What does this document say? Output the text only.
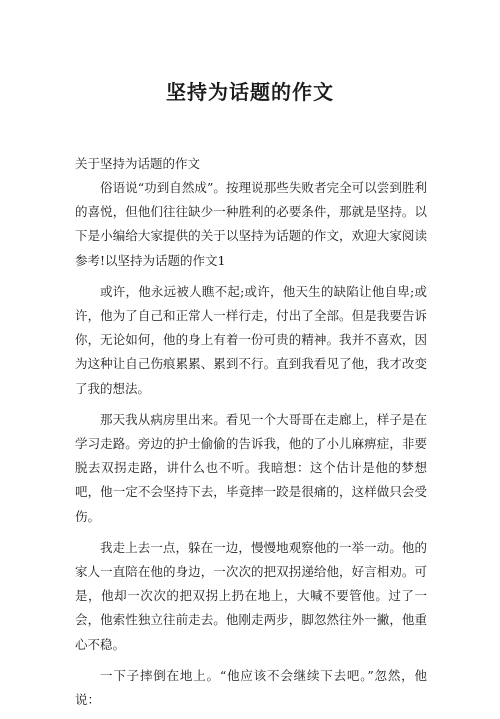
坚持为话题的作文

关于坚持为话题的作文

俗语说“功到自然成”。按理说那些失败者完全可以尝到胜利的喜悦，但他们往往缺少一种胜利的必要条件，那就是坚持。以下是小编给大家提供的关于以坚持为话题的作文，欢迎大家阅读参考!以坚持为话题的作文1

或许，他永远被人瞧不起;或许，他天生的缺陷让他自卑;或许，他为了自己和正常人一样行走，付出了全部。但是我要告诉你，无论如何，他的身上有着一份可贵的精神。我并不喜欢，因为这种让自己伤痕累累、累到不行。直到我看见了他，我才改变了我的想法。

那天我从病房里出来。看见一个大哥哥在走廊上，样子是在学习走路。旁边的护士偷偷的告诉我，他的了小儿麻痹症，非要脱去双拐走路，讲什么也不听。我暗想：这个估计是他的梦想吧，他一定不会坚持下去，毕竟摔一跤是很痛的，这样做只会受伤。

我走上去一点，躲在一边，慢慢地观察他的一举一动。他的家人一直陪在他的身边，一次次的把双拐递给他，好言相劝。可是，他却一次次的把双拐上扔在地上，大喊不要管他。过了一会，他索性独立往前走去。他刚走两步，脚忽然往外一撇，他重心不稳。

一下子摔倒在地上。“他应该不会继续下去吧。”忽然，他说：
